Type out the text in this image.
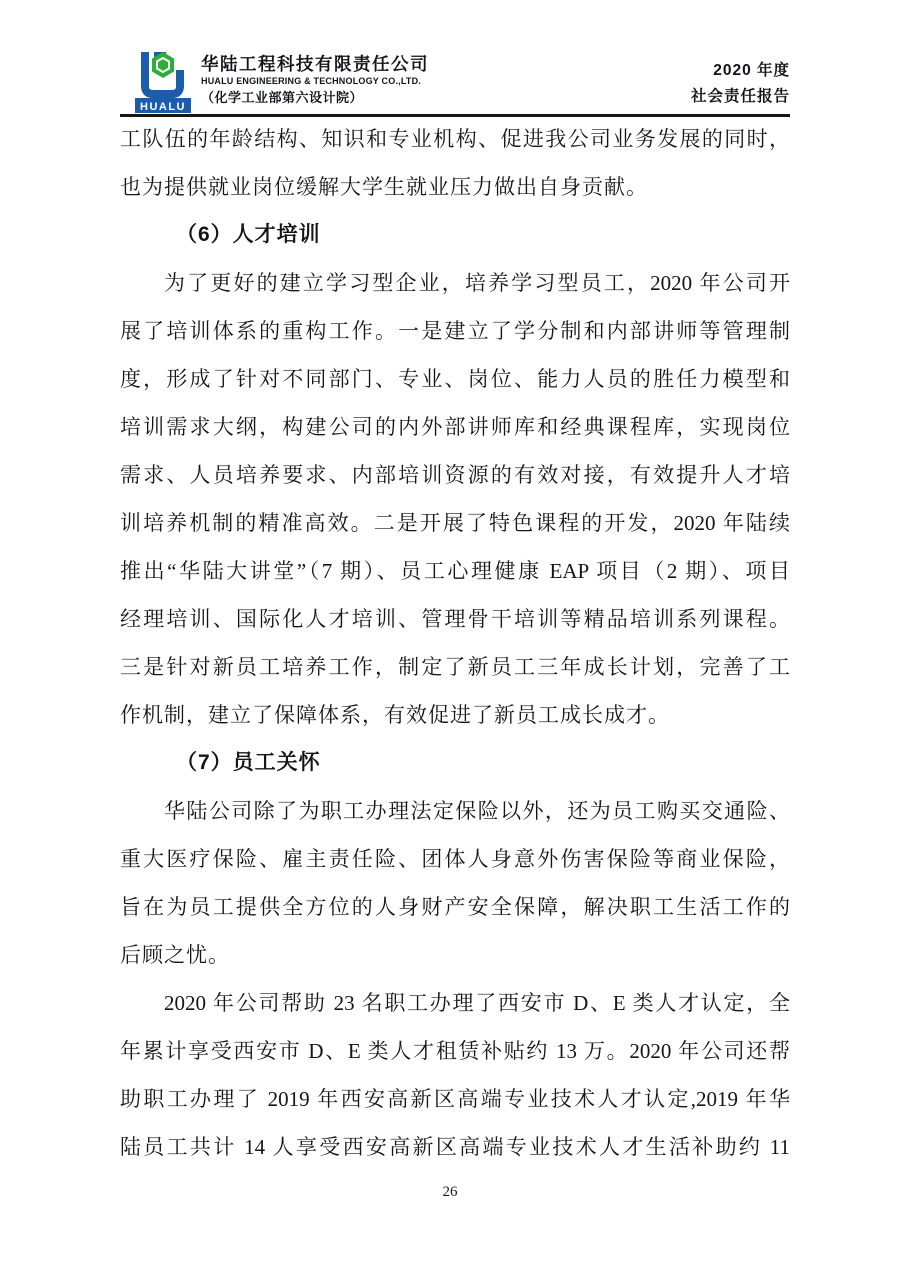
HUALU
华陆工程科技有限责任公司
HUALU ENGINEERING & TECHNOLOGY CO.,LTD.
（化学工业部第六设计院）
2020 年度
社会责任报告
工队伍的年龄结构、知识和专业机构、促进我公司业务发展的同时，
也为提供就业岗位缓解大学生就业压力做出自身贡献。
（6）人才培训
为了更好的建立学习型企业，培养学习型员工，2020 年公司开
展了培训体系的重构工作。一是建立了学分制和内部讲师等管理制
度，形成了针对不同部门、专业、岗位、能力人员的胜任力模型和
培训需求大纲，构建公司的内外部讲师库和经典课程库，实现岗位
需求、人员培养要求、内部培训资源的有效对接，有效提升人才培
训培养机制的精准高效。二是开展了特色课程的开发，2020 年陆续
推出“华陆大讲堂”（7 期）、员工心理健康 EAP 项目（2 期）、项目
经理培训、国际化人才培训、管理骨干培训等精品培训系列课程。
三是针对新员工培养工作，制定了新员工三年成长计划，完善了工
作机制，建立了保障体系，有效促进了新员工成长成才。
（7）员工关怀
华陆公司除了为职工办理法定保险以外，还为员工购买交通险、
重大医疗保险、雇主责任险、团体人身意外伤害保险等商业保险，
旨在为员工提供全方位的人身财产安全保障，解决职工生活工作的
后顾之忧。
2020 年公司帮助 23 名职工办理了西安市 D、E 类人才认定，全
年累计享受西安市 D、E 类人才租赁补贴约 13 万。2020 年公司还帮
助职工办理了 2019 年西安高新区高端专业技术人才认定,2019 年华
陆员工共计 14 人享受西安高新区高端专业技术人才生活补助约 11
26
